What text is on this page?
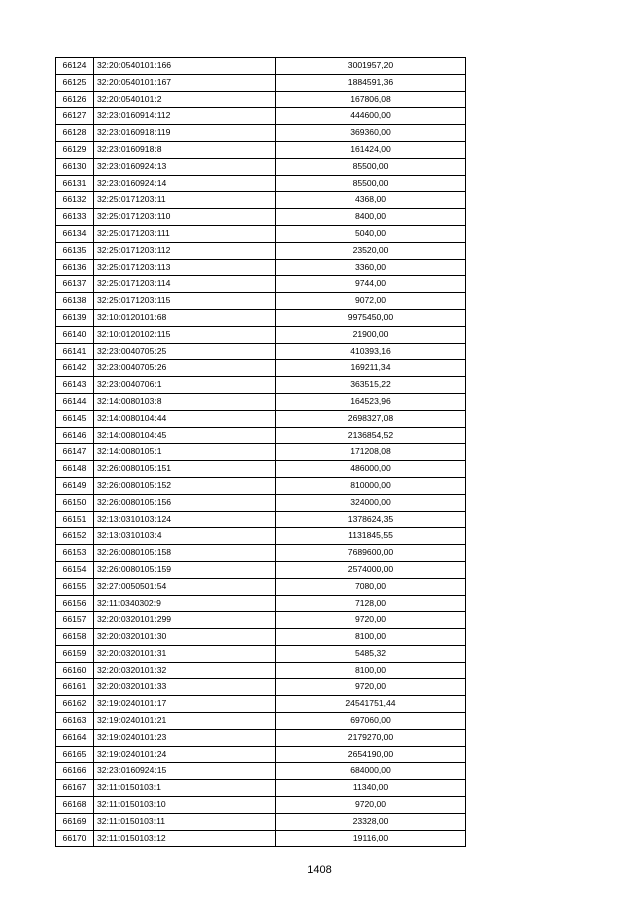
66124	32:20:0540101:166	3001957,20
66125	32:20:0540101:167	1884591,36
66126	32:20:0540101:2	167806,08
66127	32:23:0160914:112	444600,00
66128	32:23:0160918:119	369360,00
66129	32:23:0160918:8	161424,00
66130	32:23:0160924:13	85500,00
66131	32:23:0160924:14	85500,00
66132	32:25:0171203:11	4368,00
66133	32:25:0171203:110	8400,00
66134	32:25:0171203:111	5040,00
66135	32:25:0171203:112	23520,00
66136	32:25:0171203:113	3360,00
66137	32:25:0171203:114	9744,00
66138	32:25:0171203:115	9072,00
66139	32:10:0120101:68	9975450,00
66140	32:10:0120102:115	21900,00
66141	32:23:0040705:25	410393,16
66142	32:23:0040705:26	169211,34
66143	32:23:0040706:1	363515,22
66144	32:14:0080103:8	164523,96
66145	32:14:0080104:44	2698327,08
66146	32:14:0080104:45	2136854,52
66147	32:14:0080105:1	171208,08
66148	32:26:0080105:151	486000,00
66149	32:26:0080105:152	810000,00
66150	32:26:0080105:156	324000,00
66151	32:13:0310103:124	1378624,35
66152	32:13:0310103:4	1131845,55
66153	32:26:0080105:158	7689600,00
66154	32:26:0080105:159	2574000,00
66155	32:27:0050501:54	7080,00
66156	32:11:0340302:9	7128,00
66157	32:20:0320101:299	9720,00
66158	32:20:0320101:30	8100,00
66159	32:20:0320101:31	5485,32
66160	32:20:0320101:32	8100,00
66161	32:20:0320101:33	9720,00
66162	32:19:0240101:17	24541751,44
66163	32:19:0240101:21	697060,00
66164	32:19:0240101:23	2179270,00
66165	32:19:0240101:24	2654190,00
66166	32:23:0160924:15	684000,00
66167	32:11:0150103:1	11340,00
66168	32:11:0150103:10	9720,00
66169	32:11:0150103:11	23328,00
66170	32:11:0150103:12	19116,00
1408
